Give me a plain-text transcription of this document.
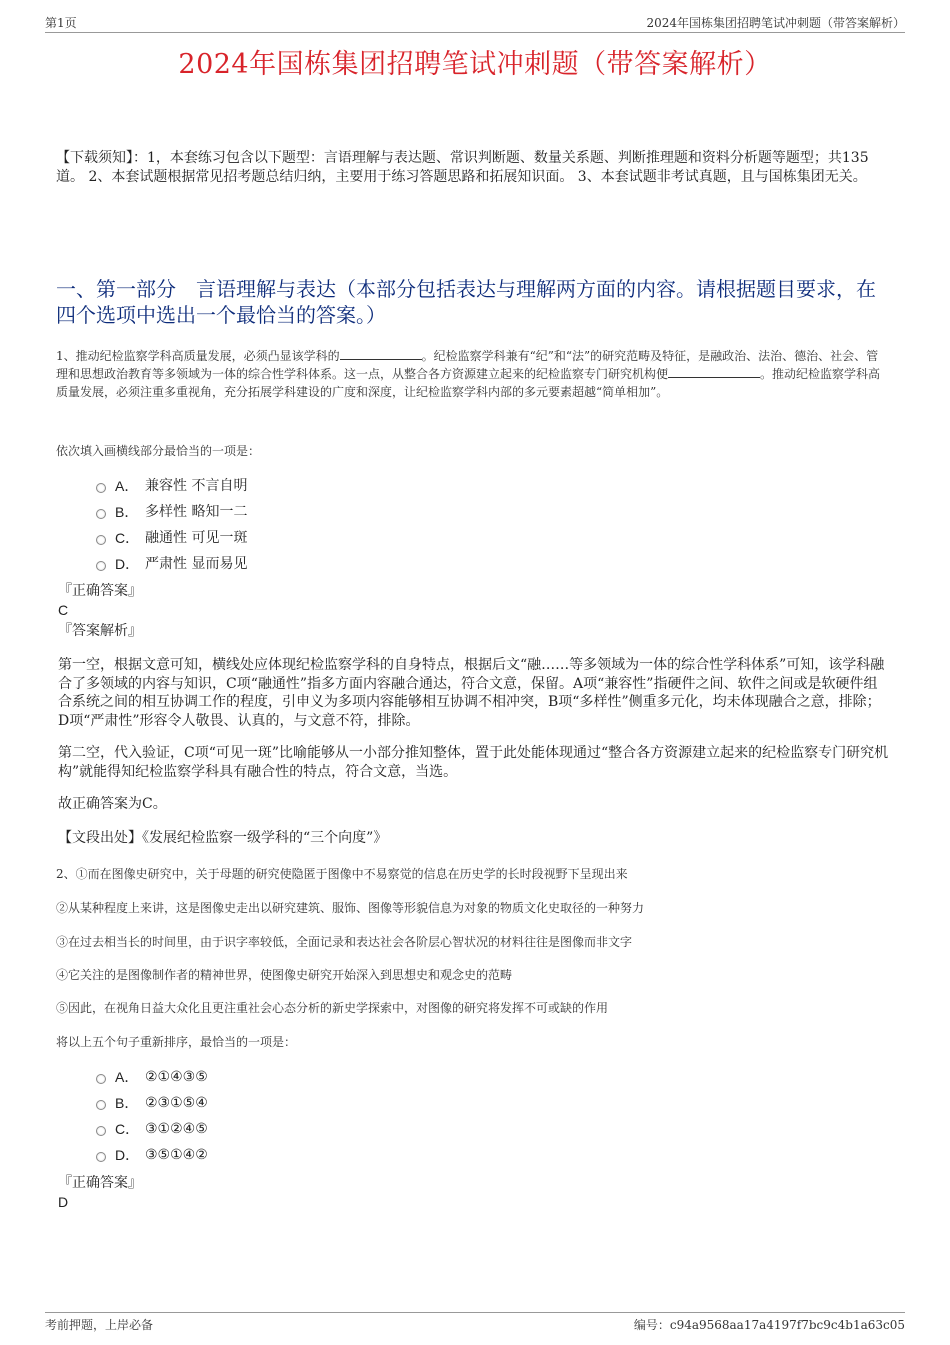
第1页	2024年国栋集团招聘笔试冲刺题（带答案解析）
2024年国栋集团招聘笔试冲刺题（带答案解析）
【下载须知】：1，本套练习包含以下题型：言语理解与表达题、常识判断题、数量关系题、判断推理题和资料分析题等题型；共135道。 2、本套试题根据常见招考题总结归纳，主要用于练习答题思路和拓展知识面。 3、本套试题非考试真题，且与国栋集团无关。
一、第一部分　言语理解与表达（本部分包括表达与理解两方面的内容。请根据题目要求，在四个选项中选出一个最恰当的答案。）
1、推动纪检监察学科高质量发展，必须凸显该学科的	。纪检监察学科兼有“纪”和“法”的研究范畴及特征，是融政治、法治、德治、社会、管理和思想政治教育等多领域为一体的综合性学科体系。这一点，从整合各方资源建立起来的纪检监察专门研究机构便	。推动纪检监察学科高质量发展，必须注重多重视角，充分拓展学科建设的广度和深度，让纪检监察学科内部的多元要素超越“简单相加”。
依次填入画横线部分最恰当的一项是：
A． 兼容性 不言自明
B． 多样性 略知一二
C． 融通性 可见一斑
D． 严肃性 显而易见
『正确答案』
C
『答案解析』
第一空，根据文意可知，横线处应体现纪检监察学科的自身特点，根据后文“融……等多领域为一体的综合性学科体系”可知，该学科融合了多领域的内容与知识，C项“融通性”指多方面内容融合通达，符合文意，保留。A项“兼容性”指硬件之间、软件之间或是软硬件组合系统之间的相互协调工作的程度，引申义为多项内容能够相互协调不相冲突，B项“多样性”侧重多元化，均未体现融合之意，排除；D项“严肃性”形容令人敬畏、认真的，与文意不符，排除。
第二空，代入验证，C项“可见一斑”比喻能够从一小部分推知整体，置于此处能体现通过“整合各方资源建立起来的纪检监察专门研究机构”就能得知纪检监察学科具有融合性的特点，符合文意，当选。
故正确答案为C。
【文段出处】《发展纪检监察一级学科的“三个向度”》
2、①而在图像史研究中，关于母题的研究使隐匿于图像中不易察觉的信息在历史学的长时段视野下呈现出来
②从某种程度上来讲，这是图像史走出以研究建筑、服饰、图像等形貌信息为对象的物质文化史取径的一种努力
③在过去相当长的时间里，由于识字率较低，全面记录和表达社会各阶层心智状况的材料往往是图像而非文字
④它关注的是图像制作者的精神世界，使图像史研究开始深入到思想史和观念史的范畴
⑤因此，在视角日益大众化且更注重社会心态分析的新史学探索中，对图像的研究将发挥不可或缺的作用
将以上五个句子重新排序，最恰当的一项是：
A． ②①④③⑤
B． ②③①⑤④
C． ③①②④⑤
D． ③⑤①④②
『正确答案』
D
考前押题，上岸必备	编号：c94a9568aa17a4197f7bc9c4b1a63c05
